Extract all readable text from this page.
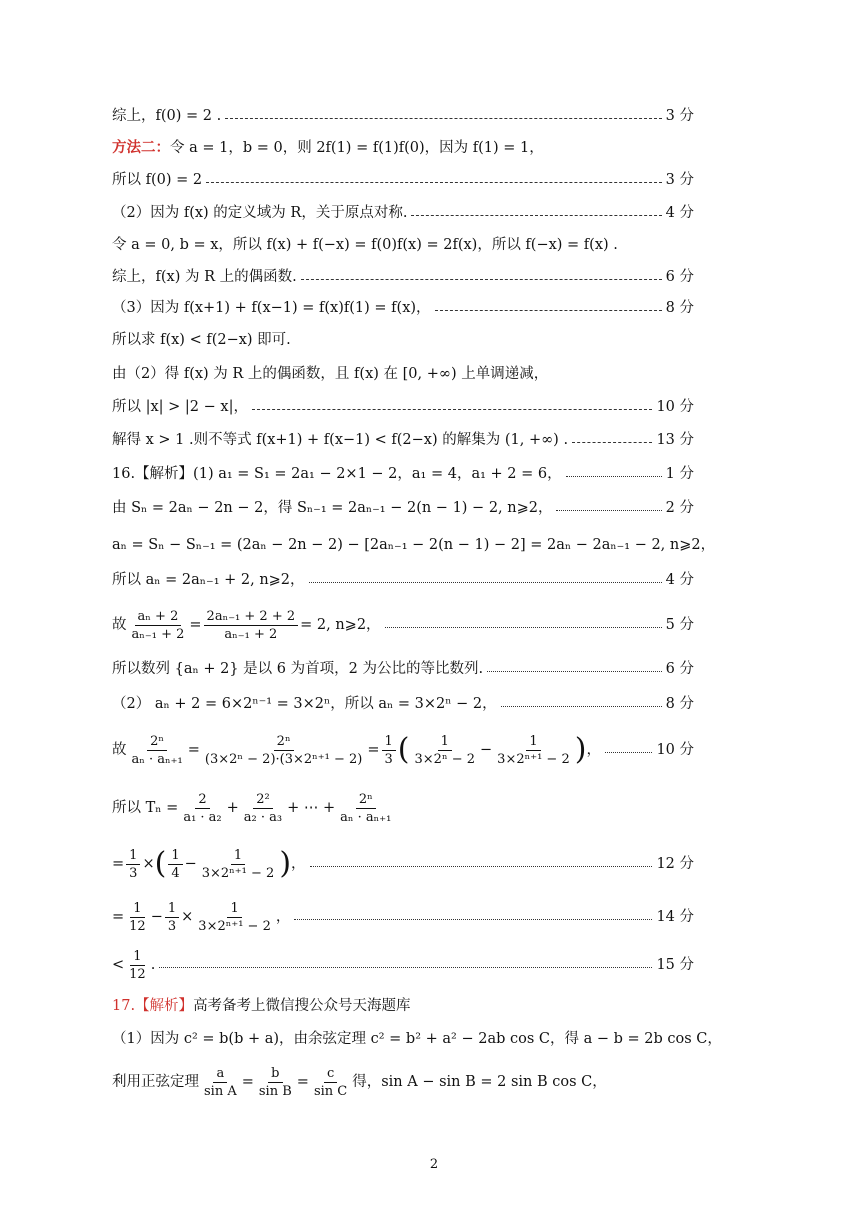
综上，f(0) = 2 .	3 分
方法二： 令 a = 1，b = 0，则 2f(1) = f(1)f(0)，因为 f(1) = 1，
所以 f(0) = 2	3 分
（2）因为 f(x) 的定义域为 R，关于原点对称.	4 分
令 a = 0, b = x，所以 f(x) + f(−x) = f(0)f(x) = 2f(x)，所以 f(−x) = f(x) .
综上，f(x) 为 R 上的偶函数.	6 分
（3）因为 f(x+1) + f(x−1) = f(x)f(1) = f(x)，	8 分
所以求 f(x) < f(2−x) 即可.
由（2）得 f(x) 为 R 上的偶函数，且 f(x) 在 [0, +∞) 上单调递减，
所以 |x| > |2 − x|，	10 分
解得 x > 1 .则不等式 f(x+1) + f(x−1) < f(2−x) 的解集为 (1, +∞) .	13 分
16.【解析】(1) a₁ = S₁ = 2a₁ − 2×1 − 2，a₁ = 4，a₁ + 2 = 6，	1 分
由 Sₙ = 2aₙ − 2n − 2，得 Sₙ₋₁ = 2aₙ₋₁ − 2(n − 1) − 2, n⩾2，	2 分
aₙ = Sₙ − Sₙ₋₁ = (2aₙ − 2n − 2) − [2aₙ₋₁ − 2(n − 1) − 2] = 2aₙ − 2aₙ₋₁ − 2, n⩾2，
所以 aₙ = 2aₙ₋₁ + 2, n⩾2，	4 分
故 $\frac{\text{aₙ + 2}}{\text{aₙ₋₁ + 2}} = \frac{\text{2aₙ₋₁ + 2 + 2}}{\text{aₙ₋₁ + 2}} = 2$, n⩾2，	5 分
所以数列 {aₙ + 2} 是以 6 为首项，2 为公比的等比数列.	6 分
（2） aₙ + 2 = 6×2ⁿ⁻¹ = 3×2ⁿ，所以 aₙ = 3×2ⁿ − 2，	8 分
故 $\frac{\text{2ⁿ}}{\text{aₙ · aₙ₊₁}} = \frac{\text{2ⁿ}}{\text{(3×2ⁿ − 2)·(3×2ⁿ⁺¹ − 2)}} = \frac{1}{3}$ ( $\frac{1}{\text{3×2ⁿ − 2}} - \frac{1}{\text{3×2ⁿ⁺¹ − 2}}$ ) ，	10 分
所以 $T_n = \frac{2}{\text{a₁ · a₂}} + \frac{\text{2²}}{\text{a₂ · a₃}}$ + ⋯ + $\frac{\text{2ⁿ}}{\text{aₙ · aₙ₊₁}}$
= $\frac{1}{3}$ × ( $\frac{1}{4} - \frac{1}{\text{3×2ⁿ⁺¹ − 2}}$ ) ，	12 分
= $\frac{1}{12} - \frac{1}{3} \times \frac{1}{\text{3×2ⁿ⁺¹ − 2}}$ ，	14 分
< $\frac{1}{12}$ .	15 分
17.【解析】 高考备考上微信搜公众号天海题库
（1）因为 c² = b(b + a)，由余弦定理 c² = b² + a² − 2ab cos C，得 a − b = 2b cos C，
利用正弦定理 $\frac{a}{\text{sin A}} = \frac{b}{\text{sin B}} = \frac{c}{\text{sin C}}$ 得，sin A − sin B = 2 sin B cos C，
2
